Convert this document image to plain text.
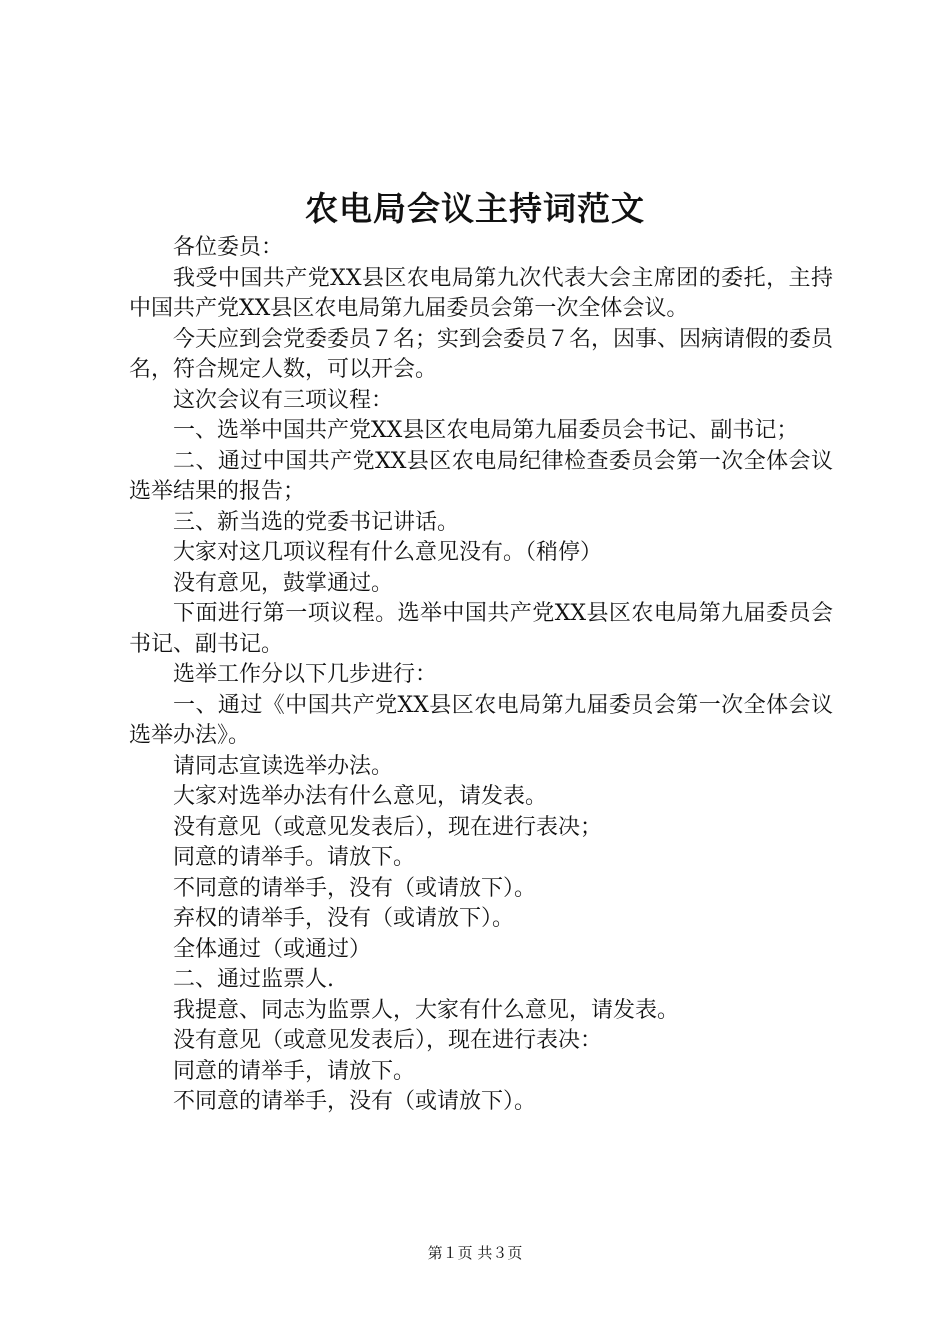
农电局会议主持词范文

各位委员：

我受中国共产党XX县区农电局第九次代表大会主席团的委托，主持中国共产党XX县区农电局第九届委员会第一次全体会议。

今天应到会党委委员７名；实到会委员７名，因事、因病请假的委员名，符合规定人数，可以开会。

这次会议有三项议程：

一、选举中国共产党XX县区农电局第九届委员会书记、副书记；

二、通过中国共产党XX县区农电局纪律检查委员会第一次全体会议选举结果的报告；

三、新当选的党委书记讲话。

大家对这几项议程有什么意见没有。（稍停）

没有意见，鼓掌通过。

下面进行第一项议程。选举中国共产党XX县区农电局第九届委员会书记、副书记。

选举工作分以下几步进行：

一、通过《中国共产党XX县区农电局第九届委员会第一次全体会议选举办法》。

请同志宣读选举办法。

大家对选举办法有什么意见，请发表。

没有意见（或意见发表后），现在进行表决；

同意的请举手。请放下。

不同意的请举手，没有（或请放下）。

弃权的请举手，没有（或请放下）。

全体通过（或通过）

二、通过监票人.

我提意、同志为监票人，大家有什么意见，请发表。

没有意见（或意见发表后），现在进行表决：

同意的请举手，请放下。

不同意的请举手，没有（或请放下）。

第１页 共３页
